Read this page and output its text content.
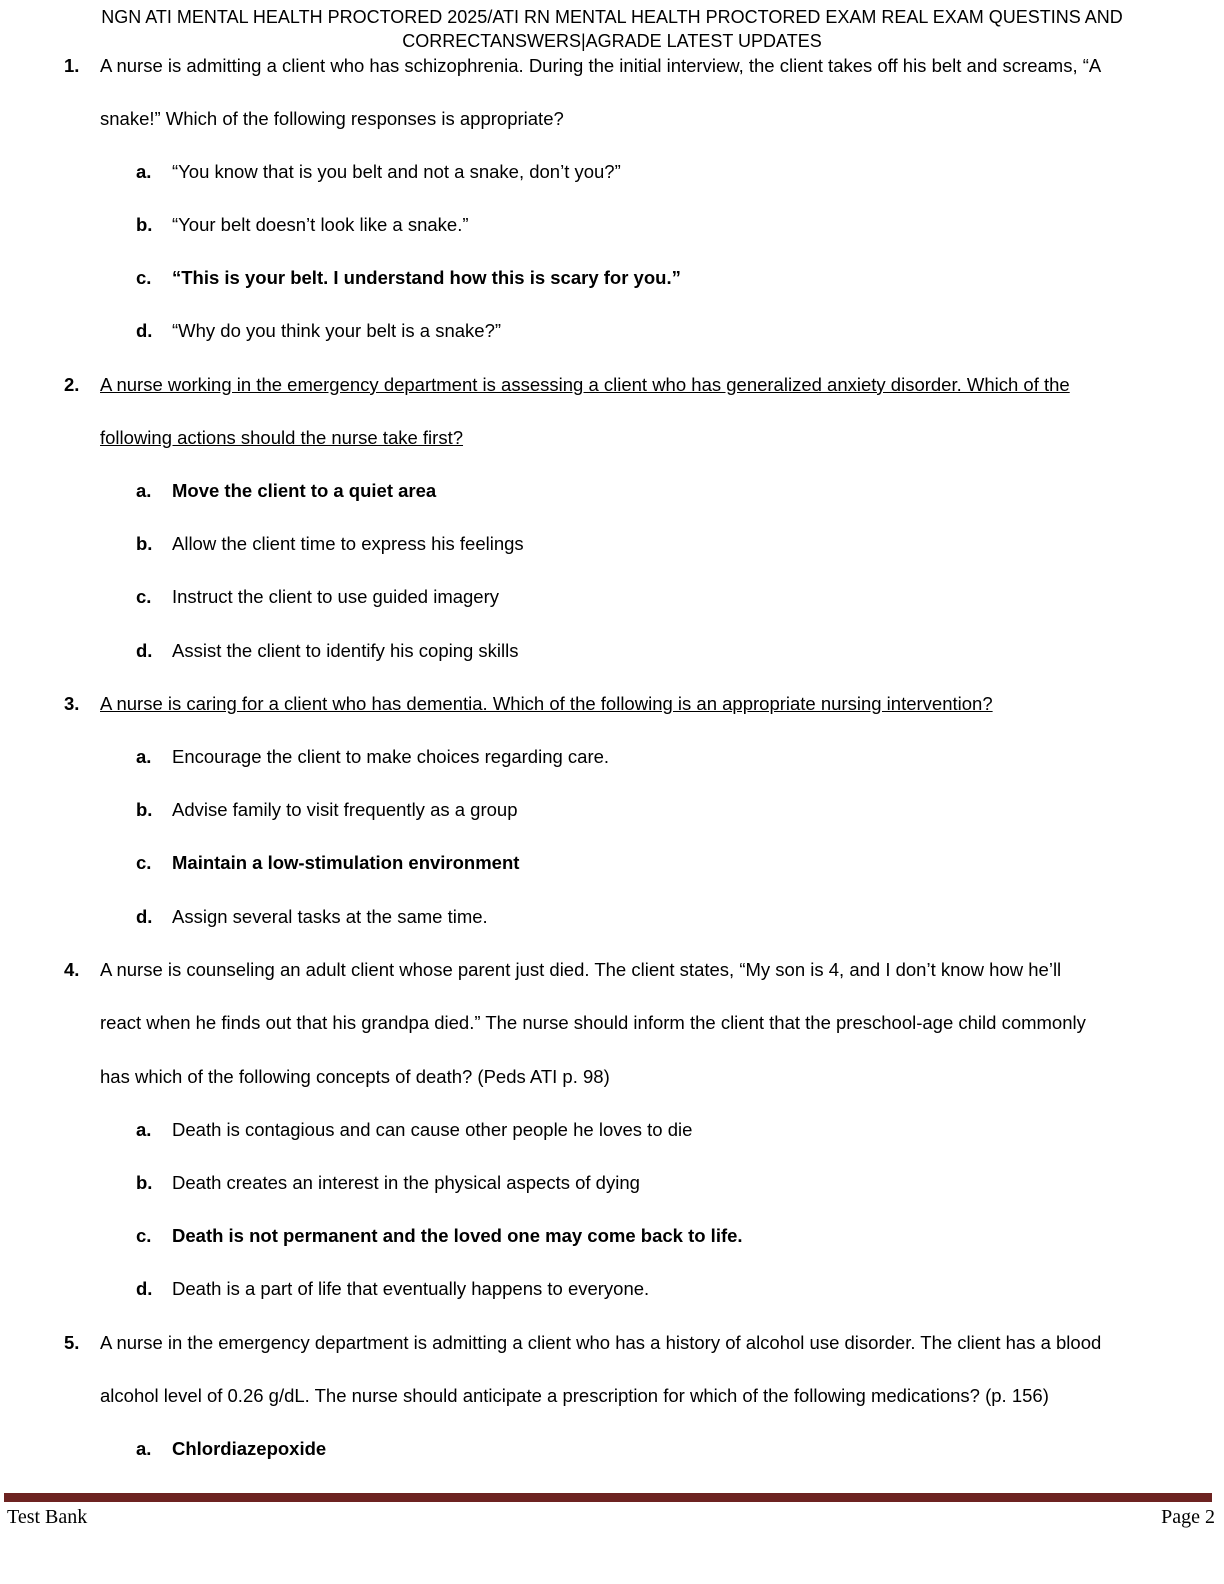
NGN ATI MENTAL HEALTH PROCTORED 2025/ATI RN MENTAL HEALTH PROCTORED EXAM REAL EXAM QUESTINS AND
CORRECTANSWERS|AGRADE LATEST UPDATES
1.	A nurse is admitting a client who has schizophrenia. During the initial interview, the client takes off his belt and screams, “A
snake!” Which of the following responses is appropriate?
a. “You know that is you belt and not a snake, don’t you?”
b. “Your belt doesn’t look like a snake.”
c. “This is your belt. I understand how this is scary for you.”
d. “Why do you think your belt is a snake?”
2.	A nurse working in the emergency department is assessing a client who has generalized anxiety disorder. Which of the
following actions should the nurse take first?
a. Move the client to a quiet area
b. Allow the client time to express his feelings
c. Instruct the client to use guided imagery
d. Assist the client to identify his coping skills
3.	A nurse is caring for a client who has dementia. Which of the following is an appropriate nursing intervention?
a. Encourage the client to make choices regarding care.
b. Advise family to visit frequently as a group
c. Maintain a low-stimulation environment
d. Assign several tasks at the same time.
4.	A nurse is counseling an adult client whose parent just died. The client states, “My son is 4, and I don’t know how he’ll
react when he finds out that his grandpa died.” The nurse should inform the client that the preschool-age child commonly
has which of the following concepts of death? (Peds ATI p. 98)
a. Death is contagious and can cause other people he loves to die
b. Death creates an interest in the physical aspects of dying
c. Death is not permanent and the loved one may come back to life.
d. Death is a part of life that eventually happens to everyone.
5.	A nurse in the emergency department is admitting a client who has a history of alcohol use disorder. The client has a blood
alcohol level of 0.26 g/dL. The nurse should anticipate a prescription for which of the following medications? (p. 156)
a. Chlordiazepoxide
Test Bank	Page 2
